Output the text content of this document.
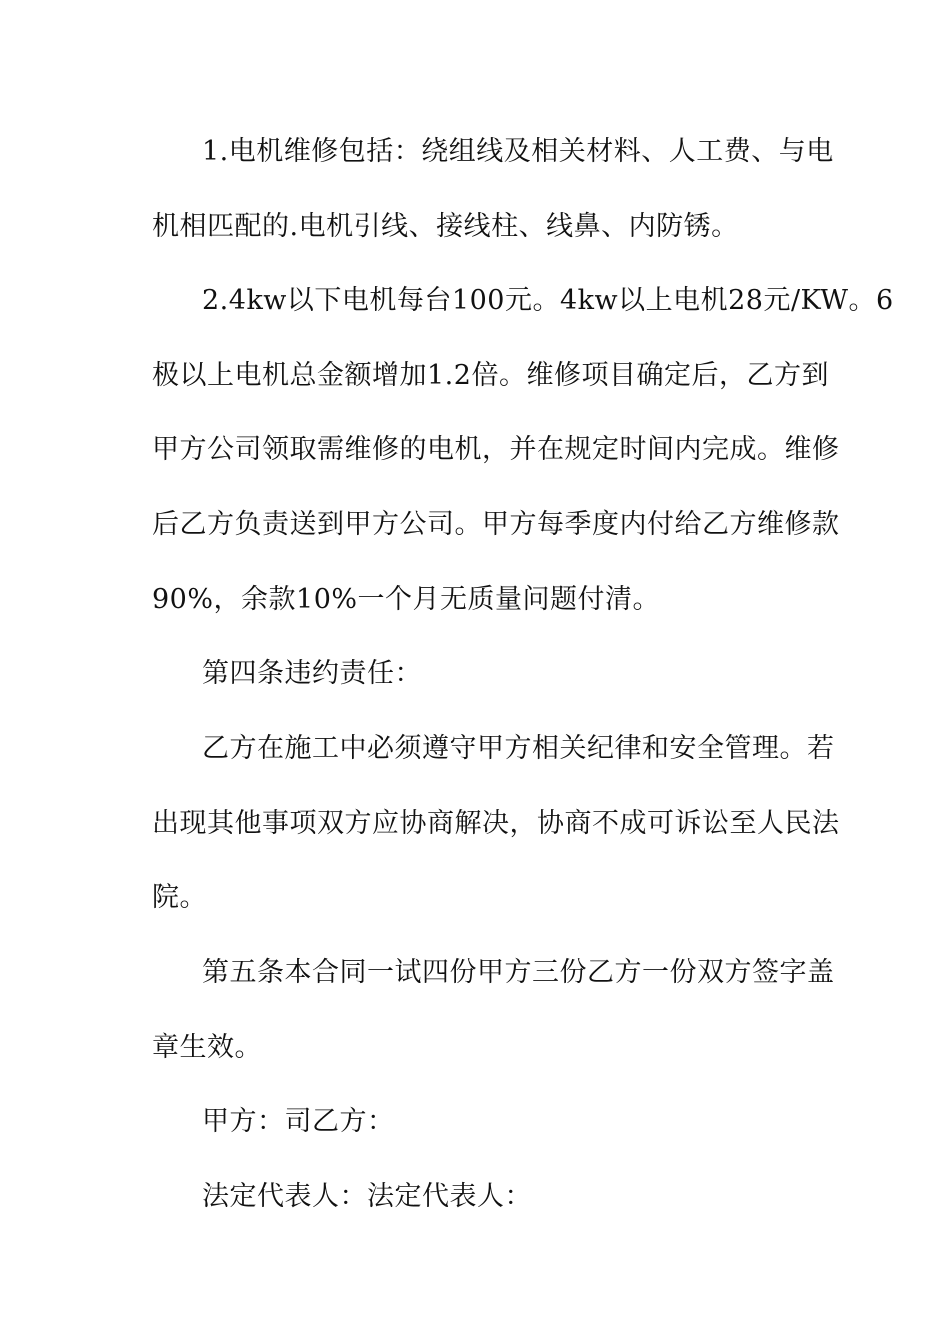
1.电机维修包括：绕组线及相关材料、人工费、与电
机相匹配的.电机引线、接线柱、线鼻、内防锈。
2.4kw以下电机每台100元。4kw以上电机28元/KW。6
极以上电机总金额增加1.2倍。维修项目确定后，乙方到
甲方公司领取需维修的电机，并在规定时间内完成。维修
后乙方负责送到甲方公司。甲方每季度内付给乙方维修款
90%，余款10%一个月无质量问题付清。
第四条违约责任：
乙方在施工中必须遵守甲方相关纪律和安全管理。若
出现其他事项双方应协商解决，协商不成可诉讼至人民法
院。
第五条本合同一试四份甲方三份乙方一份双方签字盖
章生效。
甲方：司乙方：
法定代表人：法定代表人：
